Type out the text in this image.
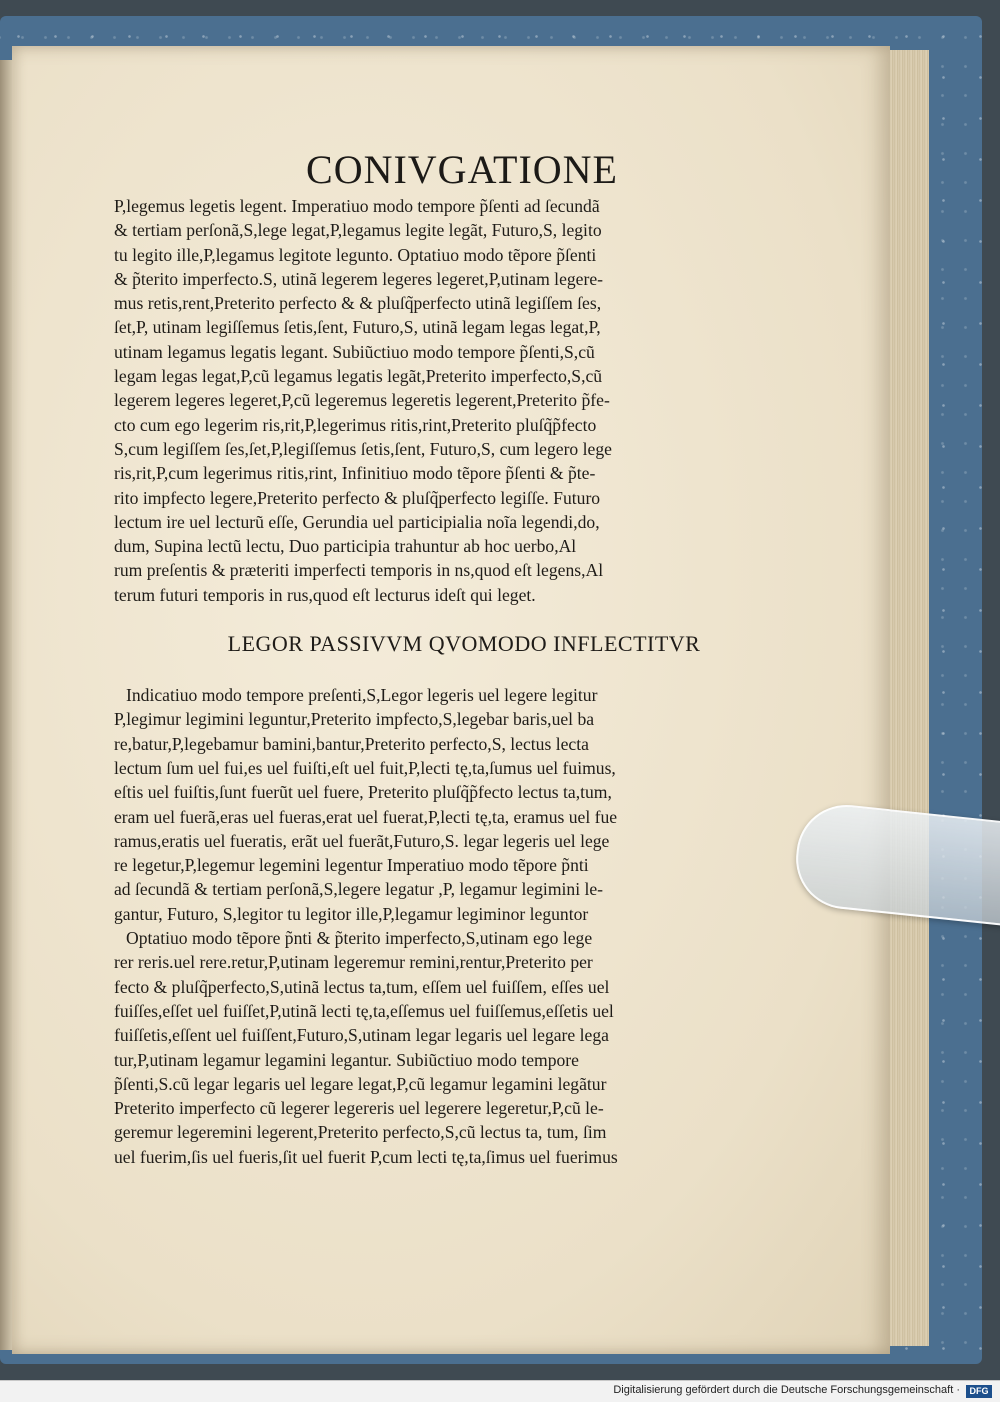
CONIVGATIONE
P,legemus legetis legent. Imperatiuo modo tempore p̃ſenti ad ſecundã
& tertiam perſonã,S,lege legat,P,legamus legite legãt, Futuro,S, legito
tu legito ille,P,legamus legitote legunto. Optatiuo modo tẽpore p̃ſenti
& p̃terito imperfecto.S, utinã legerem legeres legeret,P,utinam legere-
mus retis,rent,Preterito perfecto & & pluſq̃perfecto utinã legiſſem ſes,
ſet,P, utinam legiſſemus ſetis,ſent, Futuro,S, utinã legam legas legat,P,
utinam legamus legatis legant. Subiũctiuo modo tempore p̃ſenti,S,cũ
legam legas legat,P,cũ legamus legatis legãt,Preterito imperfecto,S,cũ
legerem legeres legeret,P,cũ legeremus legeretis legerent,Preterito p̃fe-
cto cum ego legerim ris,rit,P,legerimus ritis,rint,Preterito pluſq̃p̃fecto
S,cum legiſſem ſes,ſet,P,legiſſemus ſetis,ſent, Futuro,S, cum legero lege
ris,rit,P,cum legerimus ritis,rint, Infinitiuo modo tẽpore p̃ſenti & p̃te-
rito impfecto legere,Preterito perfecto & pluſq̃perfecto legiſſe. Futuro
lectum ire uel lecturũ eſſe, Gerundia uel participialia noĩa legendi,do,
dum, Supina lectũ lectu, Duo participia trahuntur ab hoc uerbo,Al
rum preſentis & præteriti imperfecti temporis in ns,quod eſt legens,Al
terum futuri temporis in rus,quod eſt lecturus ideſt qui leget.
LEGOR PASSIVVM QVOMODO INFLECTITVR
Indicatiuo modo tempore preſenti,S,Legor legeris uel legere legitur
P,legimur legimini leguntur,Preterito impfecto,S,legebar baris,uel ba
re,batur,P,legebamur bamini,bantur,Preterito perfecto,S, lectus lecta
lectum ſum uel fui,es uel fuiſti,eſt uel fuit,P,lecti tę,ta,ſumus uel fuimus,
eſtis uel fuiſtis,ſunt fuerũt uel fuere, Preterito pluſq̃p̃fecto lectus ta,tum,
eram uel fuerã,eras uel fueras,erat uel fuerat,P,lecti tę,ta, eramus uel fue
ramus,eratis uel fueratis, erãt uel fuerãt,Futuro,S. legar legeris uel lege
re legetur,P,legemur legemini legentur Imperatiuo modo tẽpore p̃nti
ad ſecundã & tertiam perſonã,S,legere legatur ,P, legamur legimini le-
gantur, Futuro, S,legitor tu legitor ille,P,legamur legiminor leguntor
Optatiuo modo tẽpore p̃nti & p̃terito imperfecto,S,utinam ego lege
rer reris.uel rere.retur,P,utinam legeremur remini,rentur,Preterito per
fecto & pluſq̃perfecto,S,utinã lectus ta,tum, eſſem uel fuiſſem, eſſes uel
fuiſſes,eſſet uel fuiſſet,P,utinã lecti tę,ta,eſſemus uel fuiſſemus,eſſetis uel
fuiſſetis,eſſent uel fuiſſent,Futuro,S,utinam legar legaris uel legare lega
tur,P,utinam legamur legamini legantur. Subiũctiuo modo tempore
p̃ſenti,S.cũ legar legaris uel legare legat,P,cũ legamur legamini legãtur
Preterito imperfecto cũ legerer legereris uel legerere legeretur,P,cũ le-
geremur legeremini legerent,Preterito perfecto,S,cũ lectus ta, tum, ſim
uel fuerim,ſis uel fueris,ſit uel fuerit P,cum lecti tę,ta,ſimus uel fuerimus
Digitalisierung gefördert durch die Deutsche Forschungsgemeinschaft ·	DFG
